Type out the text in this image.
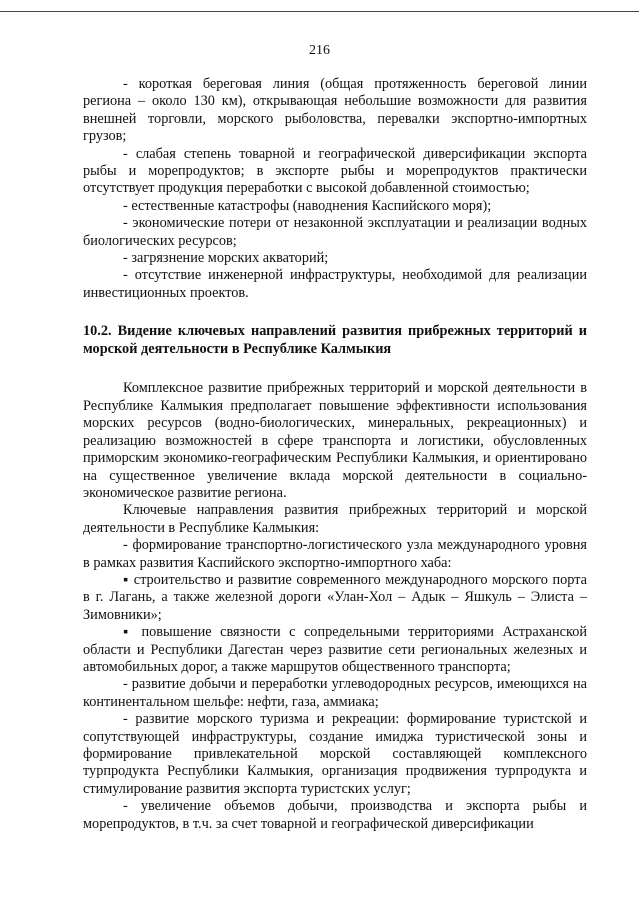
216

- короткая береговая линия (общая протяженность береговой линии региона – около 130 км), открывающая небольшие возможности для развития внешней торговли, морского рыболовства, перевалки экспортно-импортных грузов;

- слабая степень товарной и географической диверсификации экспорта рыбы и морепродуктов; в экспорте рыбы и морепродуктов практически отсутствует продукция переработки с высокой добавленной стоимостью;

- естественные катастрофы (наводнения Каспийского моря);

- экономические потери от незаконной эксплуатации и реализации водных биологических ресурсов;

- загрязнение морских акваторий;

- отсутствие инженерной инфраструктуры, необходимой для реализации инвестиционных проектов.

10.2. Видение ключевых направлений развития прибрежных территорий и морской деятельности в Республике Калмыкия

Комплексное развитие прибрежных территорий и морской деятельности в Республике Калмыкия предполагает повышение эффективности использования морских ресурсов (водно-биологических, минеральных, рекреационных) и реализацию возможностей в сфере транспорта и логистики, обусловленных приморским экономико-географическим Республики Калмыкия, и ориентировано на существенное увеличение вклада морской деятельности в социально-экономическое развитие региона.

Ключевые направления развития прибрежных территорий и морской деятельности в Республике Калмыкия:

- формирование транспортно-логистического узла международного уровня в рамках развития Каспийского экспортно-импортного хаба:

▪ строительство и развитие современного международного морского порта в г. Лагань, а также железной дороги «Улан-Хол – Адык – Яшкуль – Элиста – Зимовники»;

▪ повышение связности с сопредельными территориями Астраханской области и Республики Дагестан через развитие сети региональных железных и автомобильных дорог, а также маршрутов общественного транспорта;

- развитие добычи и переработки углеводородных ресурсов, имеющихся на континентальном шельфе: нефти, газа, аммиака;

- развитие морского туризма и рекреации: формирование туристской и сопутствующей инфраструктуры, создание имиджа туристической зоны и формирование привлекательной морской составляющей комплексного турпродукта Республики Калмыкия, организация продвижения турпродукта и стимулирование развития экспорта туристских услуг;

- увеличение объемов добычи, производства и экспорта рыбы и морепродуктов, в т.ч. за счет товарной и географической диверсификации
